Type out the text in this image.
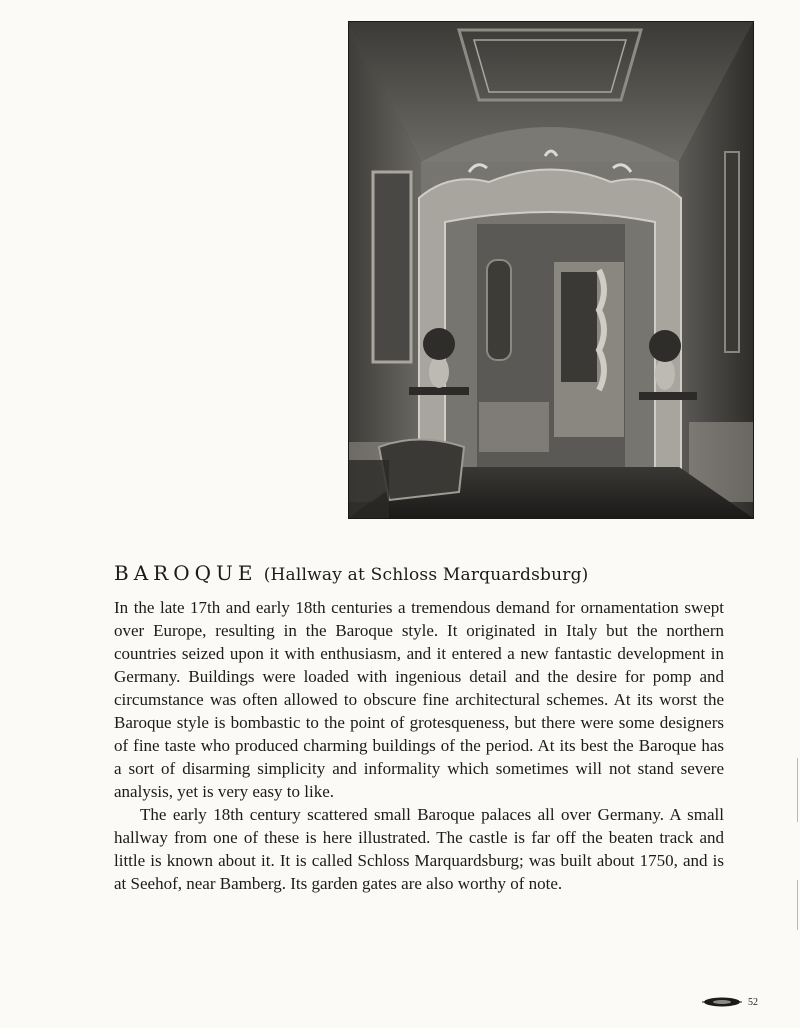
BAROQUE (Hallway at Schloss Marquardsburg)

In the late 17th and early 18th centuries a tremendous demand for ornamentation swept over Europe, resulting in the Baroque style. It originated in Italy but the northern countries seized upon it with enthusiasm, and it entered a new fantastic development in Germany. Buildings were loaded with ingenious detail and the desire for pomp and circumstance was often allowed to obscure fine architectural schemes. At its worst the Baroque style is bombastic to the point of grotesqueness, but there were some designers of fine taste who produced charming buildings of the period. At its best the Baroque has a sort of disarming simplicity and informality which sometimes will not stand severe analysis, yet is very easy to like.

The early 18th century scattered small Baroque palaces all over Germany. A small hallway from one of these is here illustrated. The castle is far off the beaten track and little is known about it. It is called Schloss Marquardsburg; was built about 1750, and is at Seehof, near Bamberg. Its garden gates are also worthy of note.

52
